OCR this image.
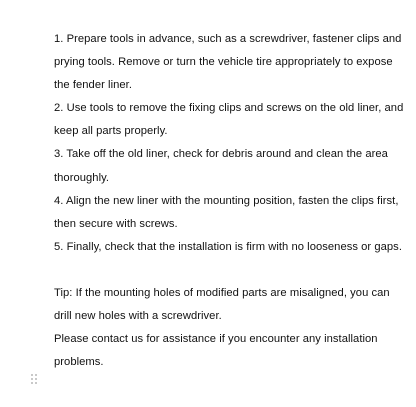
1. Prepare tools in advance, such as a screwdriver, fastener clips and prying tools. Remove or turn the vehicle tire appropriately to expose the fender liner.

2. Use tools to remove the fixing clips and screws on the old liner, and keep all parts properly.

3. Take off the old liner, check for debris around and clean the area thoroughly.

4. Align the new liner with the mounting position, fasten the clips first, then secure with screws.

5. Finally, check that the installation is firm with no looseness or gaps.

Tip: If the mounting holes of modified parts are misaligned, you can drill new holes with a screwdriver.

Please contact us for assistance if you encounter any installation problems.
